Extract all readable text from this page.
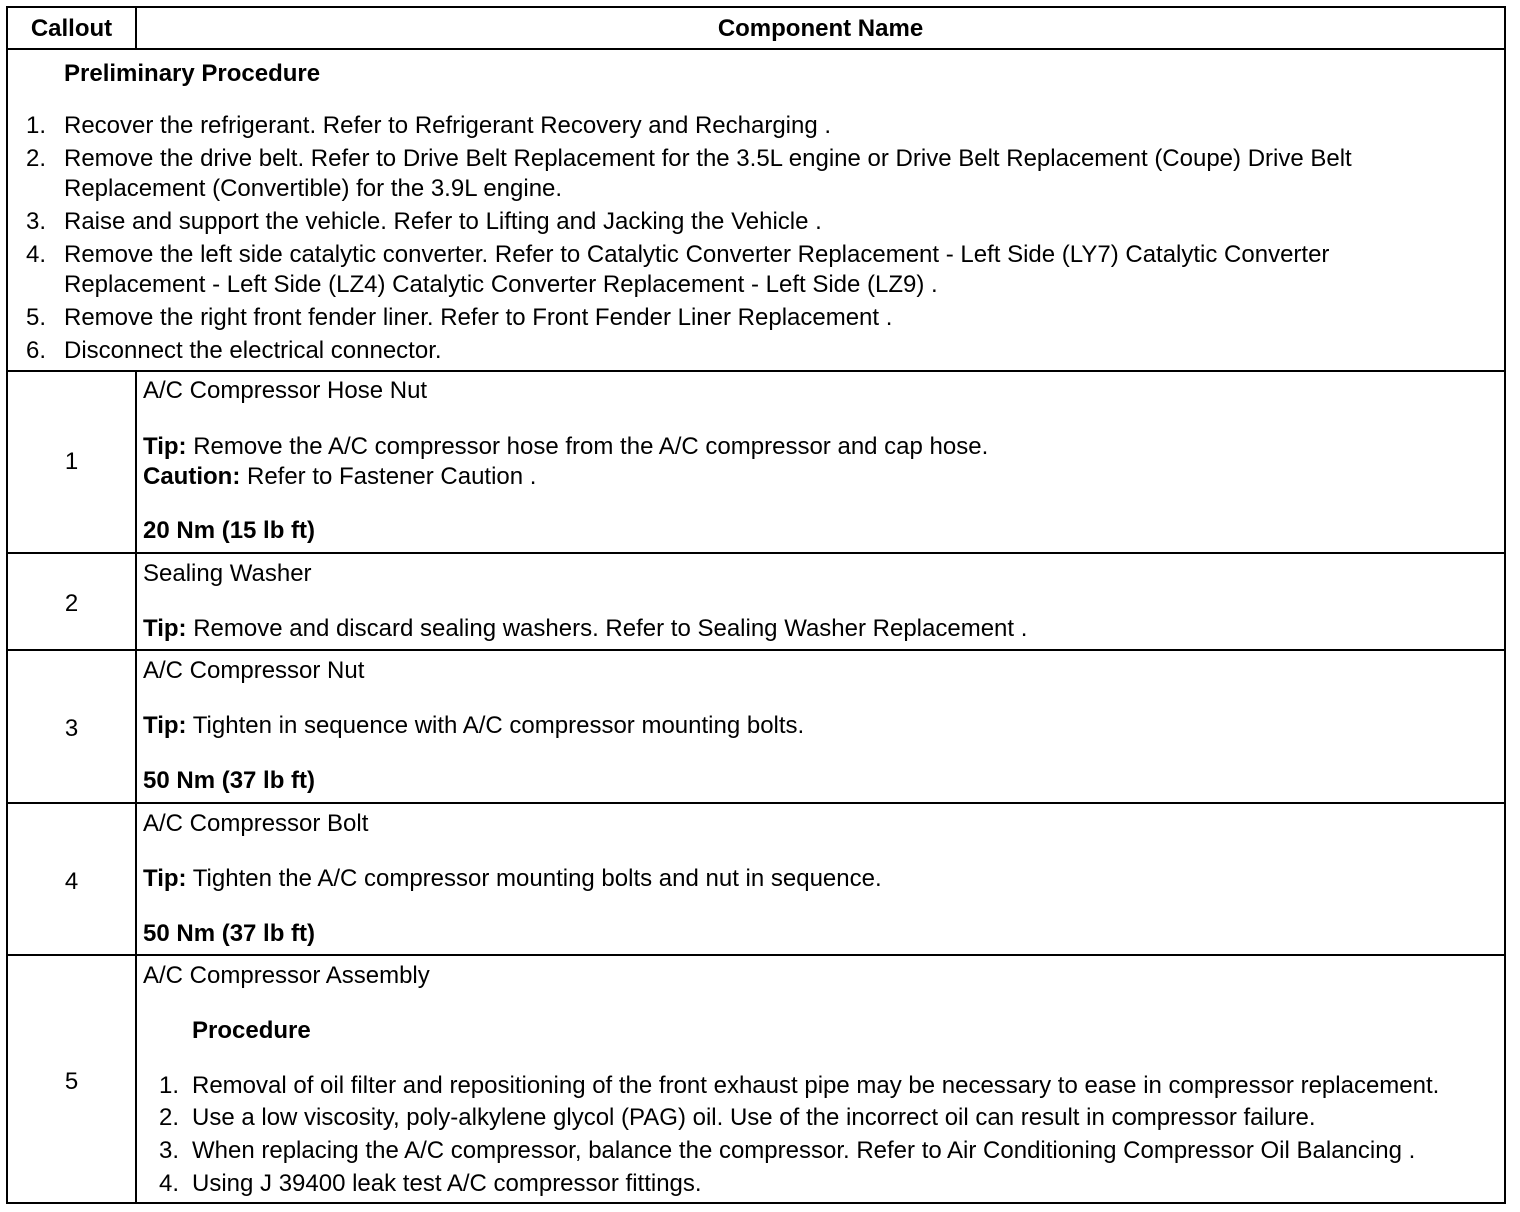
Callout	Component Name
Preliminary Procedure
1. Recover the refrigerant. Refer to Refrigerant Recovery and Recharging .
2. Remove the drive belt. Refer to Drive Belt Replacement for the 3.5L engine or Drive Belt Replacement (Coupe) Drive Belt Replacement (Convertible) for the 3.9L engine.
3. Raise and support the vehicle. Refer to Lifting and Jacking the Vehicle .
4. Remove the left side catalytic converter. Refer to Catalytic Converter Replacement - Left Side (LY7) Catalytic Converter Replacement - Left Side (LZ4) Catalytic Converter Replacement - Left Side (LZ9) .
5. Remove the right front fender liner. Refer to Front Fender Liner Replacement .
6. Disconnect the electrical connector.
1
A/C Compressor Hose Nut
Tip: Remove the A/C compressor hose from the A/C compressor and cap hose.
Caution: Refer to Fastener Caution .
20 Nm (15 lb ft)
2
Sealing Washer
Tip: Remove and discard sealing washers. Refer to Sealing Washer Replacement .
3
A/C Compressor Nut
Tip: Tighten in sequence with A/C compressor mounting bolts.
50 Nm (37 lb ft)
4
A/C Compressor Bolt
Tip: Tighten the A/C compressor mounting bolts and nut in sequence.
50 Nm (37 lb ft)
5
A/C Compressor Assembly
Procedure
1. Removal of oil filter and repositioning of the front exhaust pipe may be necessary to ease in compressor replacement.
2. Use a low viscosity, poly-alkylene glycol (PAG) oil. Use of the incorrect oil can result in compressor failure.
3. When replacing the A/C compressor, balance the compressor. Refer to Air Conditioning Compressor Oil Balancing .
4. Using J 39400 leak test A/C compressor fittings.
